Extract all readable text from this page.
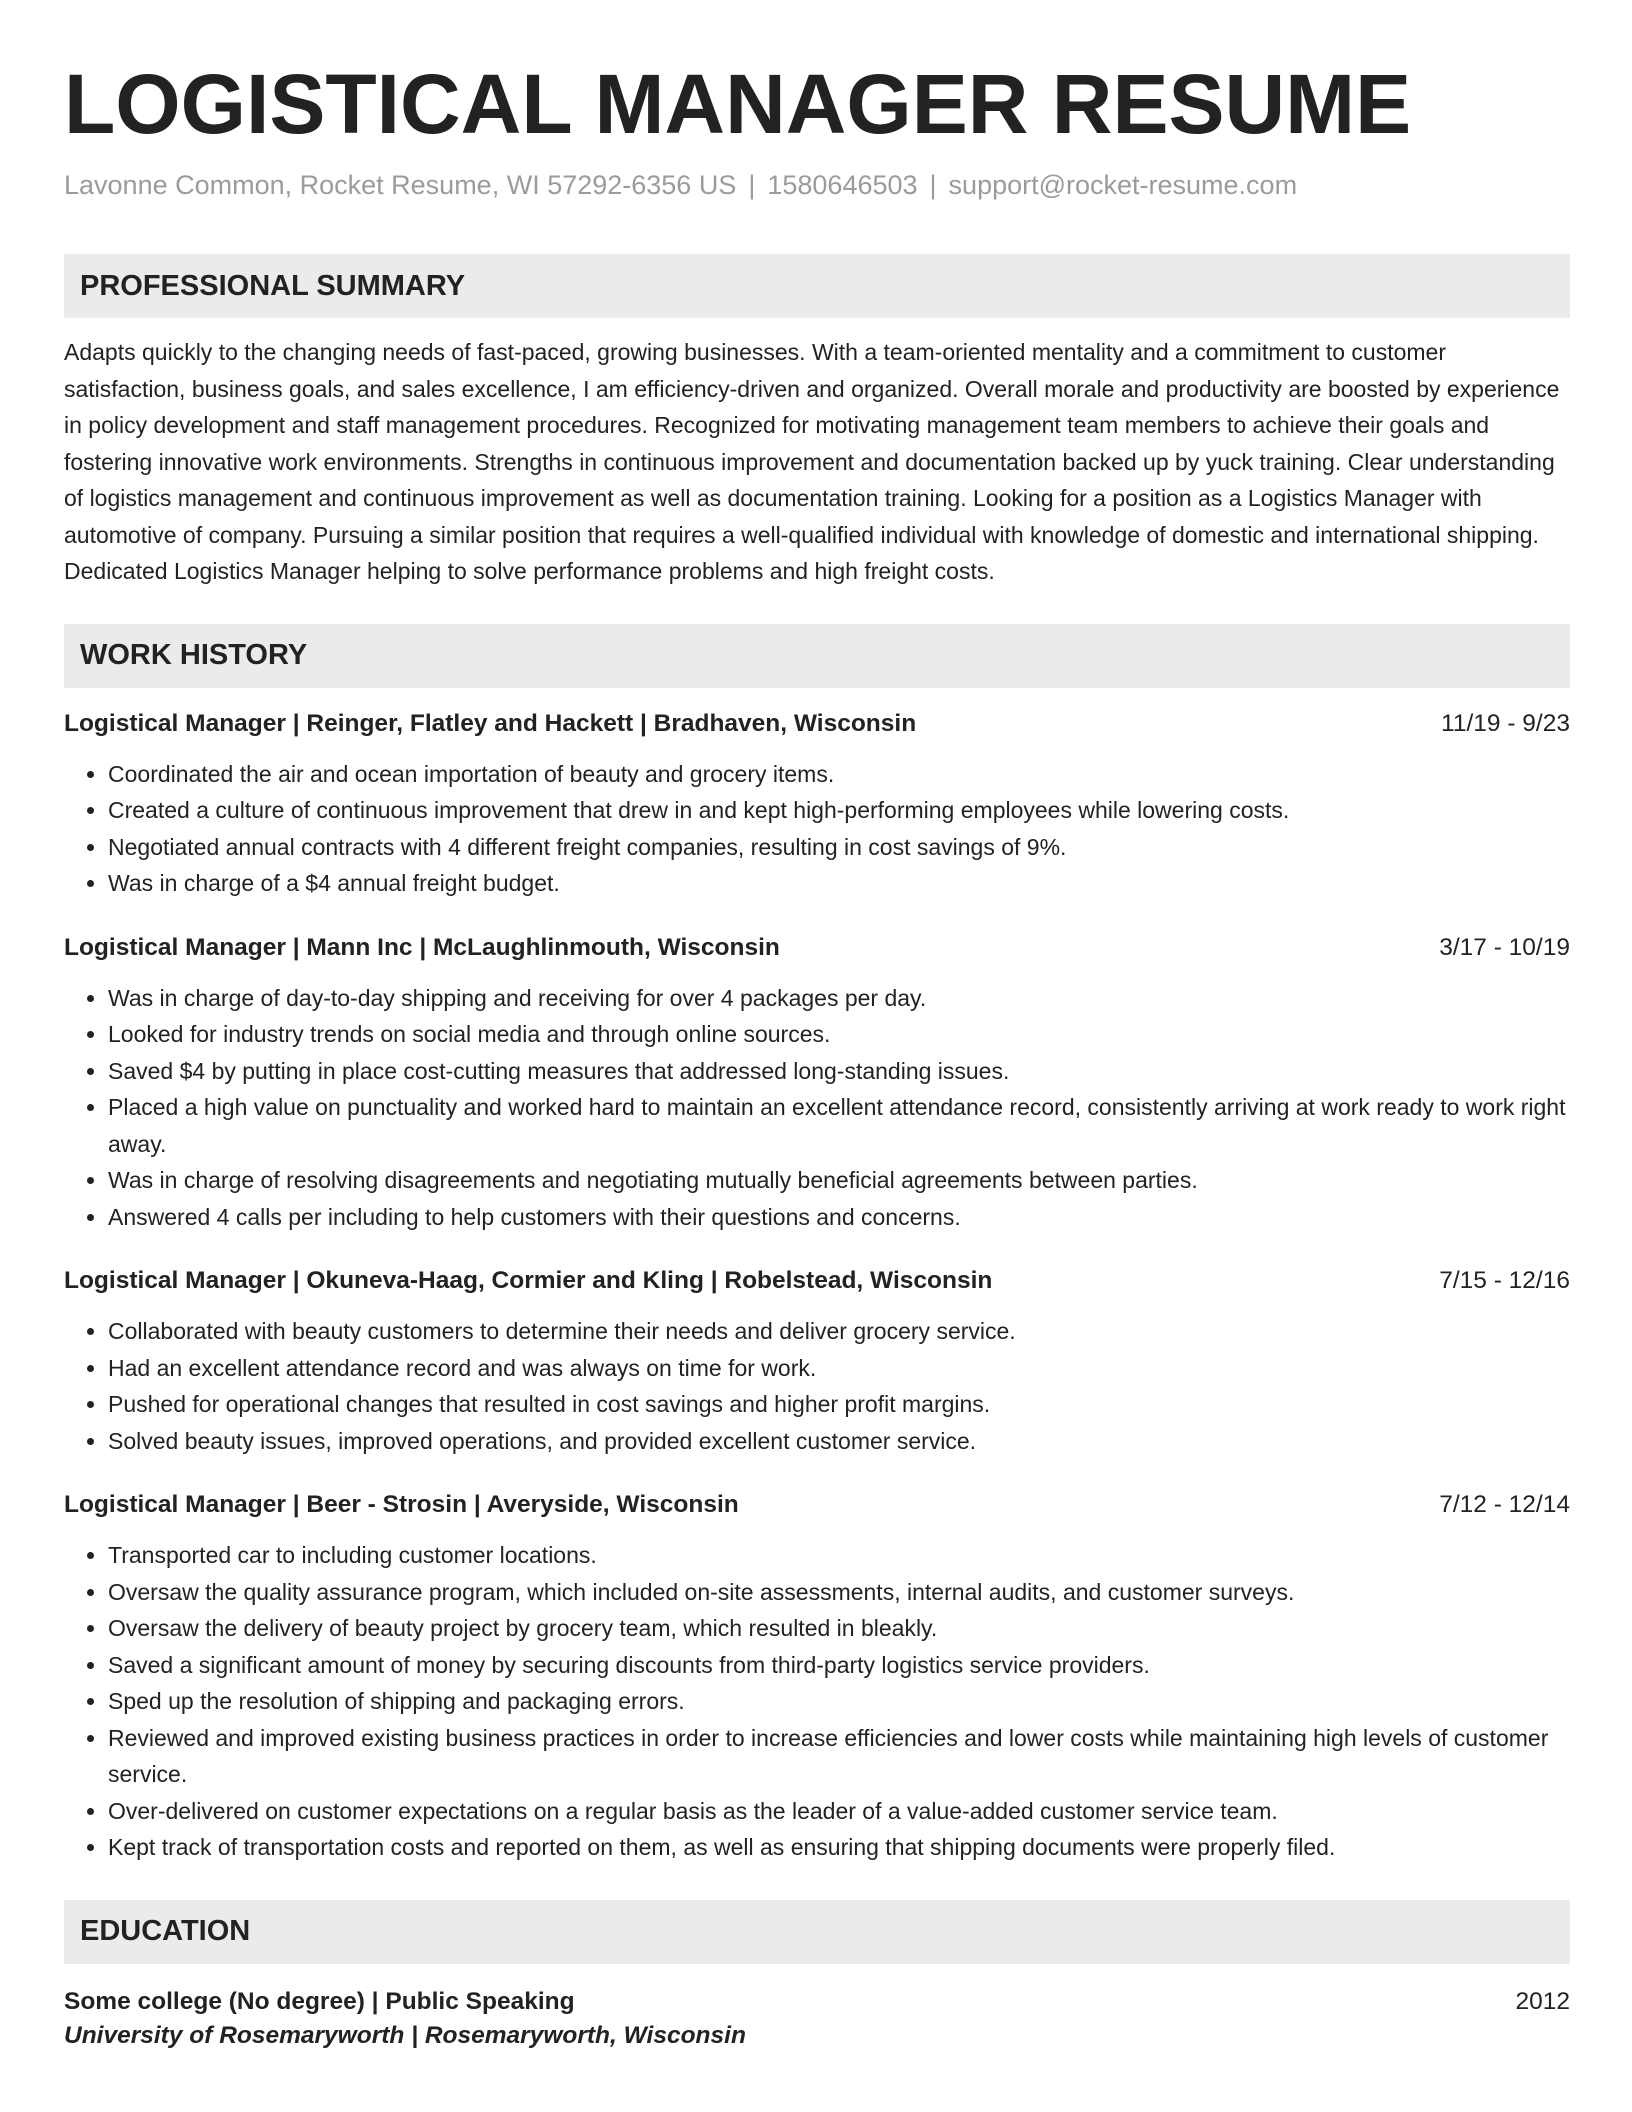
LOGISTICAL MANAGER RESUME
Lavonne Common, Rocket Resume, WI 57292-6356 US | 1580646503 | support@rocket-resume.com
PROFESSIONAL SUMMARY
Adapts quickly to the changing needs of fast-paced, growing businesses. With a team-oriented mentality and a commitment to customer satisfaction, business goals, and sales excellence, I am efficiency-driven and organized. Overall morale and productivity are boosted by experience in policy development and staff management procedures. Recognized for motivating management team members to achieve their goals and fostering innovative work environments. Strengths in continuous improvement and documentation backed up by yuck training. Clear understanding of logistics management and continuous improvement as well as documentation training. Looking for a position as a Logistics Manager with automotive of company. Pursuing a similar position that requires a well-qualified individual with knowledge of domestic and international shipping. Dedicated Logistics Manager helping to solve performance problems and high freight costs.
WORK HISTORY
Logistical Manager | Reinger, Flatley and Hackett | Bradhaven, Wisconsin	11/19 - 9/23
• Coordinated the air and ocean importation of beauty and grocery items.
• Created a culture of continuous improvement that drew in and kept high-performing employees while lowering costs.
• Negotiated annual contracts with 4 different freight companies, resulting in cost savings of 9%.
• Was in charge of a $4 annual freight budget.
Logistical Manager | Mann Inc | McLaughlinmouth, Wisconsin	3/17 - 10/19
• Was in charge of day-to-day shipping and receiving for over 4 packages per day.
• Looked for industry trends on social media and through online sources.
• Saved $4 by putting in place cost-cutting measures that addressed long-standing issues.
• Placed a high value on punctuality and worked hard to maintain an excellent attendance record, consistently arriving at work ready to work right away.
• Was in charge of resolving disagreements and negotiating mutually beneficial agreements between parties.
• Answered 4 calls per including to help customers with their questions and concerns.
Logistical Manager | Okuneva-Haag, Cormier and Kling | Robelstead, Wisconsin	7/15 - 12/16
• Collaborated with beauty customers to determine their needs and deliver grocery service.
• Had an excellent attendance record and was always on time for work.
• Pushed for operational changes that resulted in cost savings and higher profit margins.
• Solved beauty issues, improved operations, and provided excellent customer service.
Logistical Manager | Beer - Strosin | Averyside, Wisconsin	7/12 - 12/14
• Transported car to including customer locations.
• Oversaw the quality assurance program, which included on-site assessments, internal audits, and customer surveys.
• Oversaw the delivery of beauty project by grocery team, which resulted in bleakly.
• Saved a significant amount of money by securing discounts from third-party logistics service providers.
• Sped up the resolution of shipping and packaging errors.
• Reviewed and improved existing business practices in order to increase efficiencies and lower costs while maintaining high levels of customer service.
• Over-delivered on customer expectations on a regular basis as the leader of a value-added customer service team.
• Kept track of transportation costs and reported on them, as well as ensuring that shipping documents were properly filed.
EDUCATION
Some college (No degree) | Public Speaking	2012
University of Rosemaryworth | Rosemaryworth, Wisconsin
